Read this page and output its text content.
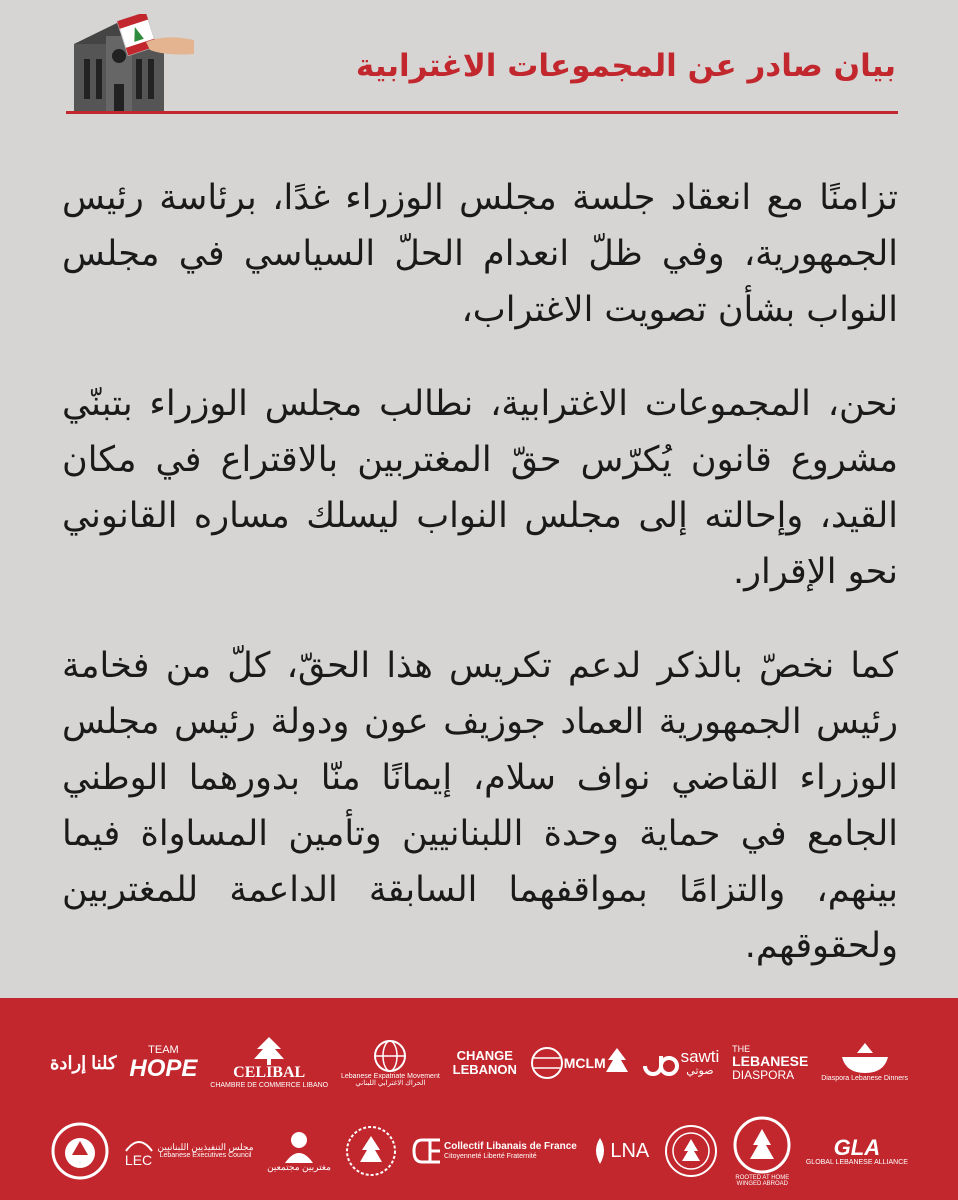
بيان صادر عن المجموعات الاغترابية

تزامنًا مع انعقاد جلسة مجلس الوزراء غدًا، برئاسة رئيس الجمهورية، وفي ظلّ انعدام الحلّ السياسي في مجلس النواب بشأن تصويت الاغتراب،

نحن، المجموعات الاغترابية، نطالب مجلس الوزراء بتبنّي مشروع قانون يُكرّس حقّ المغتربين بالاقتراع في مكان القيد، وإحالته إلى مجلس النواب ليسلك مساره القانوني نحو الإقرار.

كما نخصّ بالذكر لدعم تكريس هذا الحقّ، كلّ من فخامة رئيس الجمهورية العماد جوزيف عون ودولة رئيس مجلس الوزراء القاضي نواف سلام، إيمانًا منّا بدورهما الوطني الجامع في حماية وحدة اللبنانيين وتأمين المساواة فيما بينهم، والتزامًا بمواقفهما السابقة الداعمة للمغتربين ولحقوقهم.

كلنا إرادة
TEAM
HOPE CELIBAL
CHAMBRE DE COMMERCE LIBANO
Lebanese Expatriate Movement
الحراك الاغترابي اللبناني
CHANGE
LEBANON	MCLM	sawti
صوتي
THE
LEBANESE
DIASPORA	Diaspora Lebanese Dinners
LEC
مجلس التنفيذيين اللبنانيين
Lebanese Executives Council
مغتربين مجتمعين
Collectif Libanais de France
Citoyenneté Liberté Fraternité	LNA
ROOTED AT HOME
WINGED ABROAD
GLA
GLOBAL LEBANESE ALLIANCE
